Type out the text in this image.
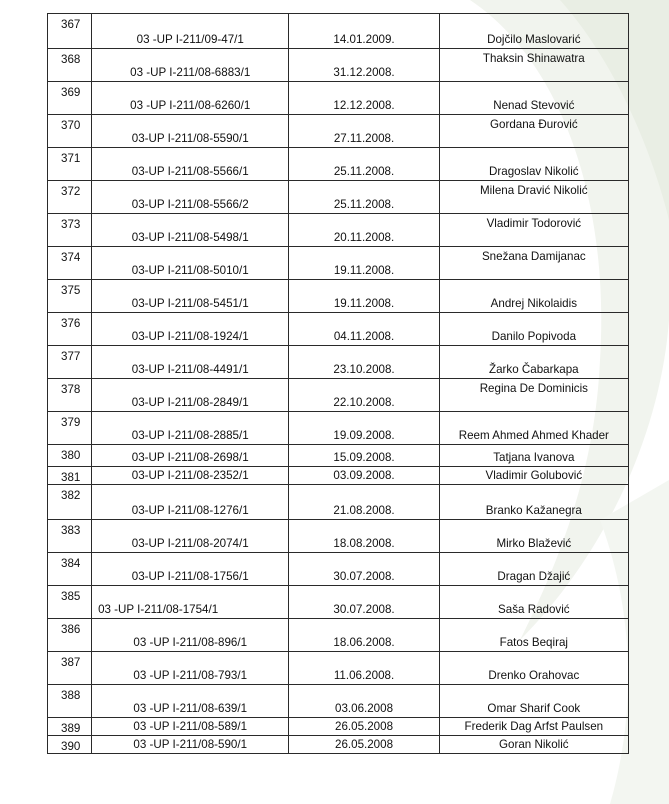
367	03 -UP I-211/09-47/1	14.01.2009.	Dojčilo Maslovarić

368	03 -UP I-211/08-6883/1	31.12.2008.	Thaksin Shinawatra

369	03 -UP I-211/08-6260/1	12.12.2008.	Nenad Stevović

370	03-UP I-211/08-5590/1	27.11.2008.	Gordana Đurović

371	03-UP I-211/08-5566/1	25.11.2008.	Dragoslav Nikolić

372	03-UP I-211/08-5566/2	25.11.2008.	Milena Dravić Nikolić

373	03-UP I-211/08-5498/1	20.11.2008.	Vladimir Todorović

374	03-UP I-211/08-5010/1	19.11.2008.	Snežana Damijanac

375	03-UP I-211/08-5451/1	19.11.2008.	Andrej Nikolaidis

376	03-UP I-211/08-1924/1	04.11.2008.	Danilo Popivoda

377	03-UP I-211/08-4491/1	23.10.2008.	Žarko Čabarkapa

378	03-UP I-211/08-2849/1	22.10.2008.	Regina De Dominicis

379	03-UP I-211/08-2885/1	19.09.2008.	Reem Ahmed Ahmed Khader

380	03-UP I-211/08-2698/1	15.09.2008.	Tatjana Ivanova

381	03-UP I-211/08-2352/1	03.09.2008.	Vladimir Golubović

382	03-UP I-211/08-1276/1	21.08.2008.	Branko Kažanegra

383	03-UP I-211/08-2074/1	18.08.2008.	Mirko Blažević

384	03-UP I-211/08-1756/1	30.07.2008.	Dragan Džajić

385	03 -UP I-211/08-1754/1	30.07.2008.	Saša Radović

386	03 -UP I-211/08-896/1	18.06.2008.	Fatos Beqiraj

387	03 -UP I-211/08-793/1	11.06.2008.	Drenko Orahovac

388	03 -UP I-211/08-639/1	03.06.2008	Omar Sharif Cook

389	03 -UP I-211/08-589/1	26.05.2008	Frederik Dag Arfst Paulsen

390	03 -UP I-211/08-590/1	26.05.2008	Goran Nikolić
